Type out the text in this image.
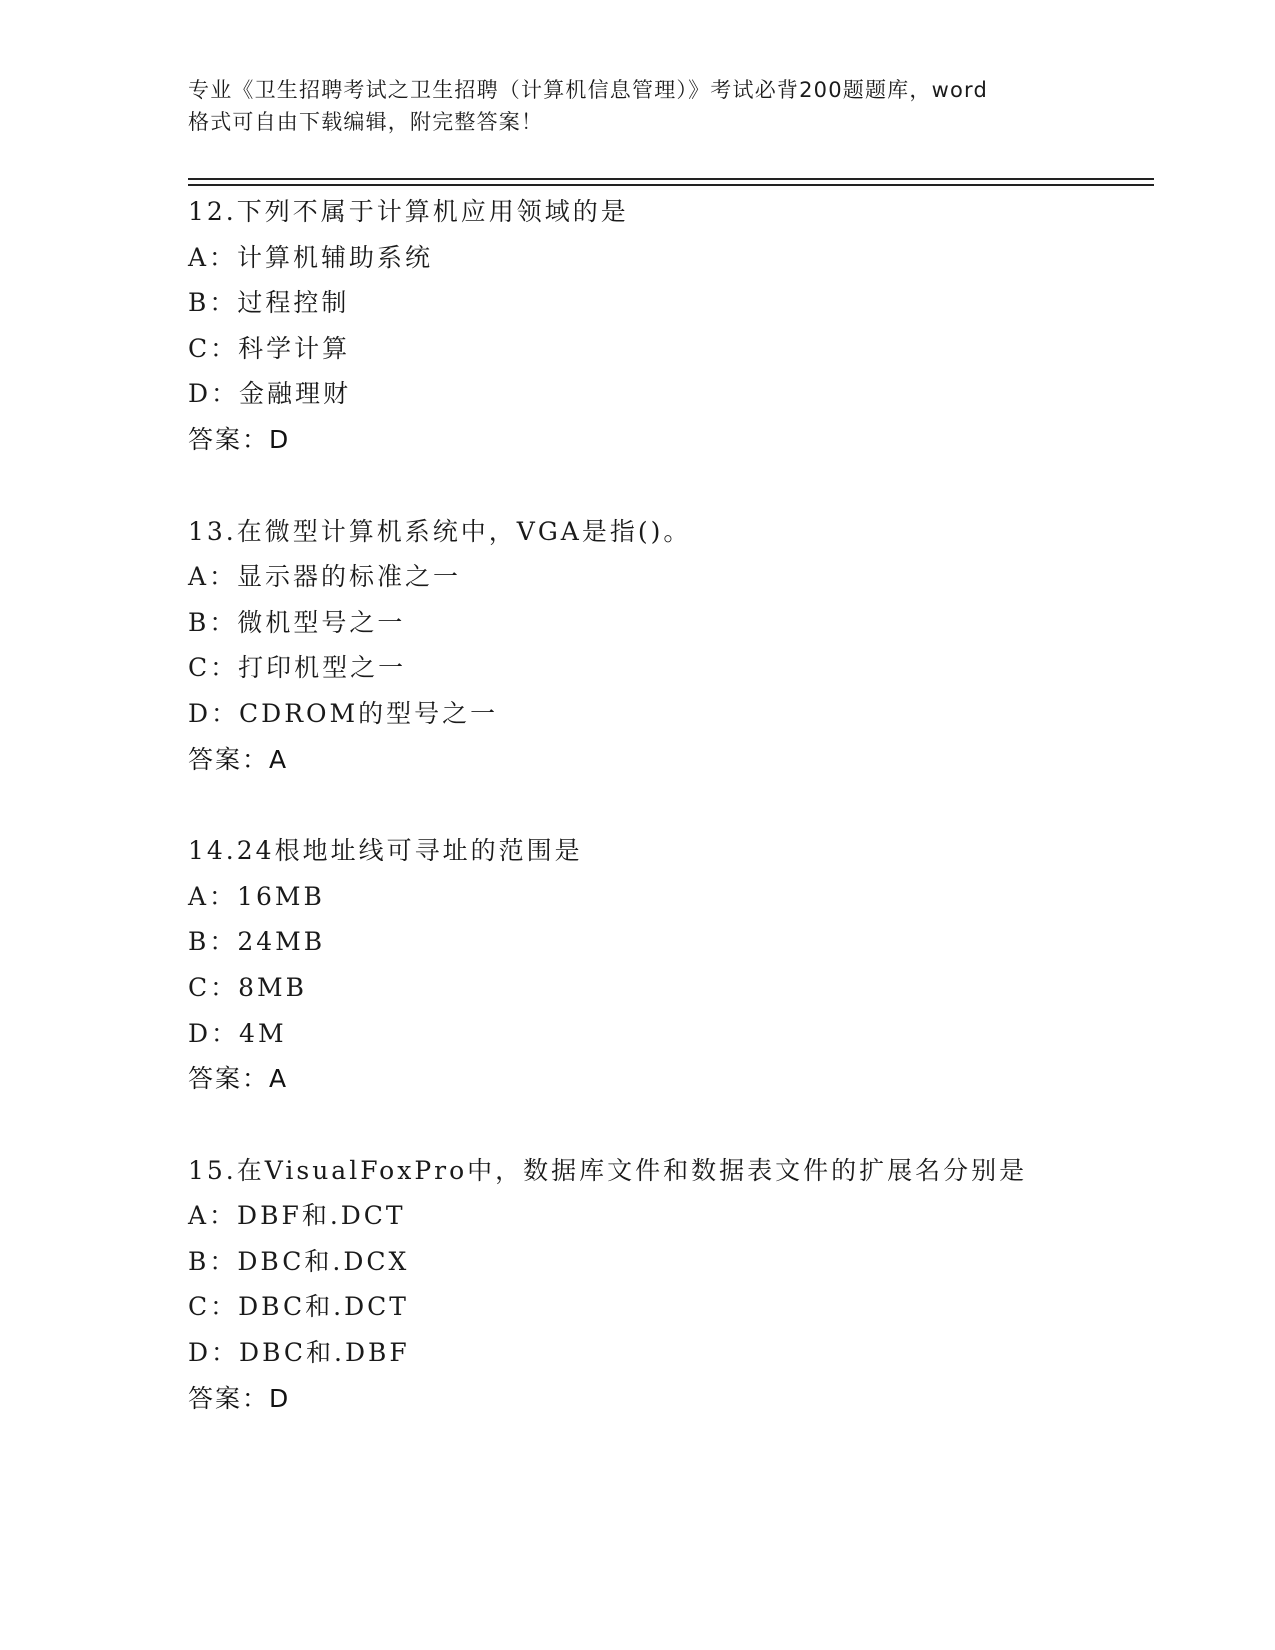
专业《卫生招聘考试之卫生招聘（计算机信息管理）》考试必背200题题库，word
格式可自由下载编辑，附完整答案！
12.下列不属于计算机应用领域的是
A：计算机辅助系统
B：过程控制
C：科学计算
D：金融理财
答案：D
13.在微型计算机系统中，VGA是指()。
A：显示器的标准之一
B：微机型号之一
C：打印机型之一
D：CDROM的型号之一
答案：A
14.24根地址线可寻址的范围是
A：16MB
B：24MB
C：8MB
D：4M
答案：A
15.在VisualFoxPro中，数据库文件和数据表文件的扩展名分别是
A：DBF和.DCT
B：DBC和.DCX
C：DBC和.DCT
D：DBC和.DBF
答案：D
